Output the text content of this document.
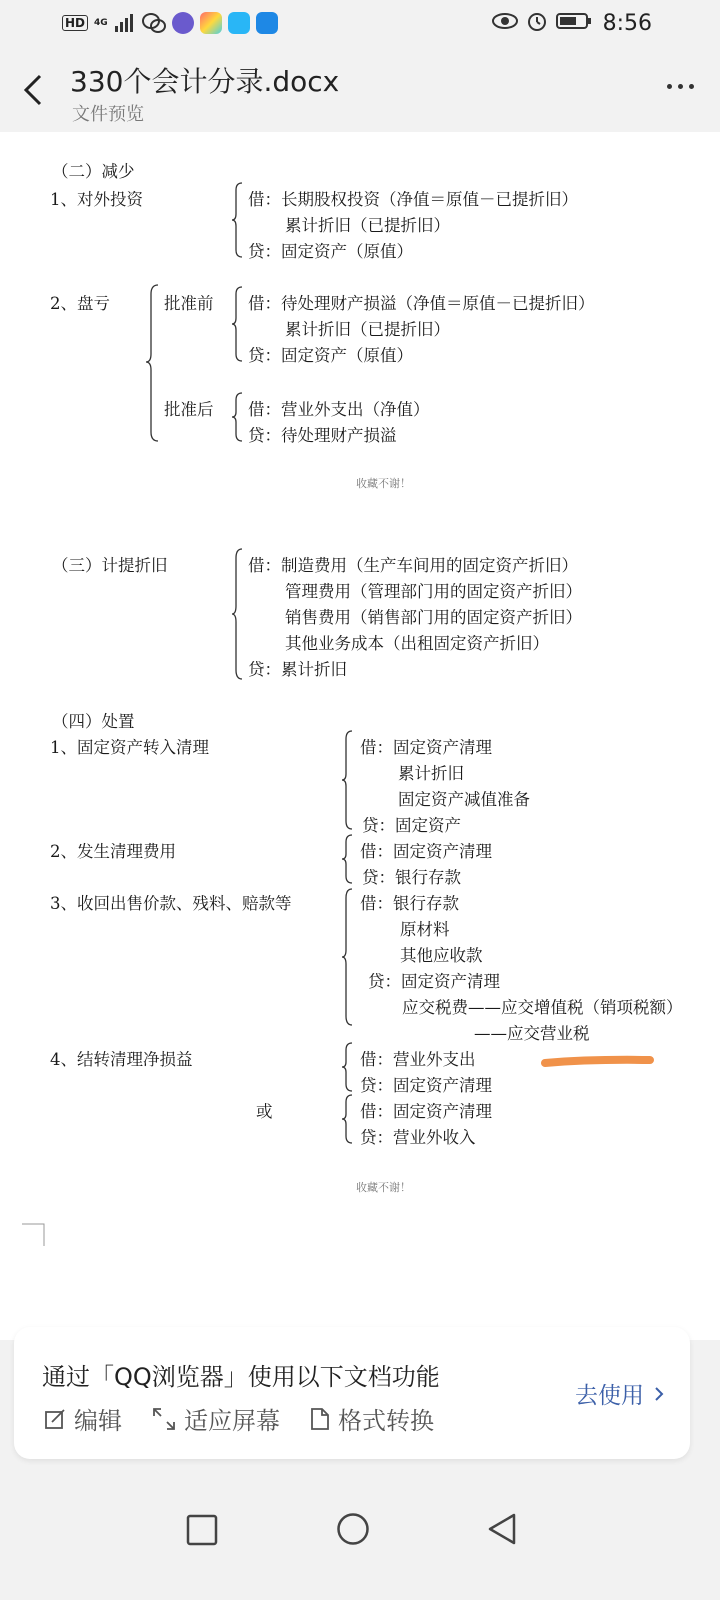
HD	4G	8:56
330个会计分录.docx
文件预览
（二）减少
1、对外投资	借：长期股权投资（净值＝原值－已提折旧）
累计折旧（已提折旧）
贷：固定资产（原值）
2、盘亏	批准前 借：待处理财产损溢（净值＝原值－已提折旧）
累计折旧（已提折旧）
贷：固定资产（原值）
批准后 借：营业外支出（净值）
贷：待处理财产损溢
收藏不谢！
（三）计提折旧	借：制造费用（生产车间用的固定资产折旧）
管理费用（管理部门用的固定资产折旧）
销售费用（销售部门用的固定资产折旧）
其他业务成本（出租固定资产折旧）
贷：累计折旧
（四）处置
1、固定资产转入清理	借：固定资产清理
累计折旧
固定资产减值准备
贷：固定资产
2、发生清理费用	借：固定资产清理
贷：银行存款
3、收回出售价款、残料、赔款等	借：银行存款
原材料
其他应收款
贷：固定资产清理
应交税费——应交增值税（销项税额）
——应交营业税
4、结转清理净损益	借：营业外支出
贷：固定资产清理
或	借：固定资产清理
贷：营业外收入
收藏不谢！
通过「QQ浏览器」使用以下文档功能
编辑	适应屏幕 格式转换
去使用
